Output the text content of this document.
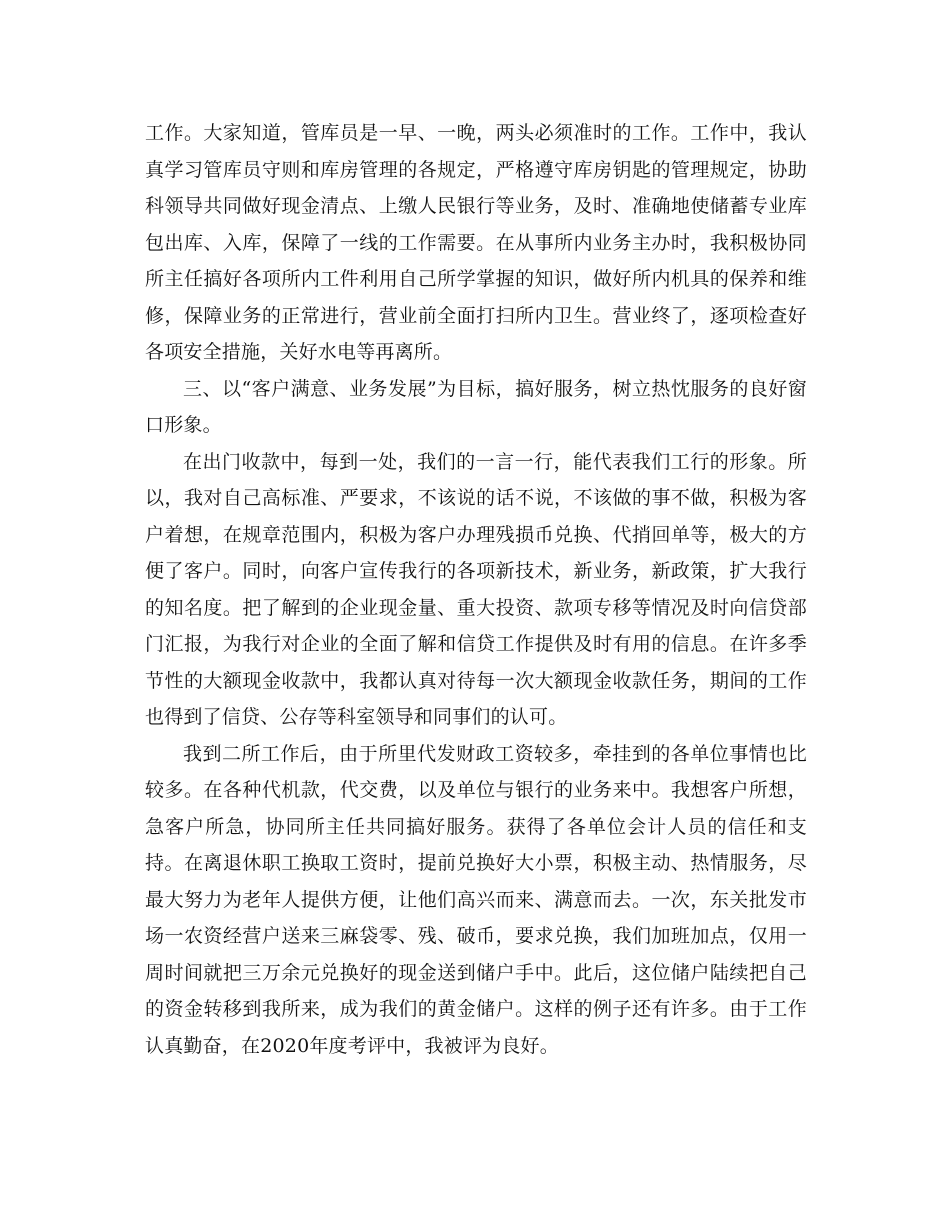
工作。大家知道，管库员是一早、一晚，两头必须准时的工作。工作中，我认真学习管库员守则和库房管理的各规定，严格遵守库房钥匙的管理规定，协助科领导共同做好现金清点、上缴人民银行等业务，及时、准确地使储蓄专业库包出库、入库，保障了一线的工作需要。在从事所内业务主办时，我积极协同所主任搞好各项所内工件利用自己所学掌握的知识，做好所内机具的保养和维修，保障业务的正常进行，营业前全面打扫所内卫生。营业终了，逐项检查好各项安全措施，关好水电等再离所。

三、以“客户满意、业务发展”为目标，搞好服务，树立热忱服务的良好窗口形象。

在出门收款中，每到一处，我们的一言一行，能代表我们工行的形象。所以，我对自己高标准、严要求，不该说的话不说，不该做的事不做，积极为客户着想，在规章范围内，积极为客户办理残损币兑换、代捎回单等，极大的方便了客户。同时，向客户宣传我行的各项新技术，新业务，新政策，扩大我行的知名度。把了解到的企业现金量、重大投资、款项专移等情况及时向信贷部门汇报，为我行对企业的全面了解和信贷工作提供及时有用的信息。在许多季节性的大额现金收款中，我都认真对待每一次大额现金收款任务，期间的工作也得到了信贷、公存等科室领导和同事们的认可。

我到二所工作后，由于所里代发财政工资较多，牵挂到的各单位事情也比较多。在各种代机款，代交费，以及单位与银行的业务来中。我想客户所想，急客户所急，协同所主任共同搞好服务。获得了各单位会计人员的信任和支持。在离退休职工换取工资时，提前兑换好大小票，积极主动、热情服务，尽最大努力为老年人提供方便，让他们高兴而来、满意而去。一次，东关批发市场一农资经营户送来三麻袋零、残、破币，要求兑换，我们加班加点，仅用一周时间就把三万余元兑换好的现金送到储户手中。此后，这位储户陆续把自己的资金转移到我所来，成为我们的黄金储户。这样的例子还有许多。由于工作认真勤奋，在2020年度考评中，我被评为良好。
